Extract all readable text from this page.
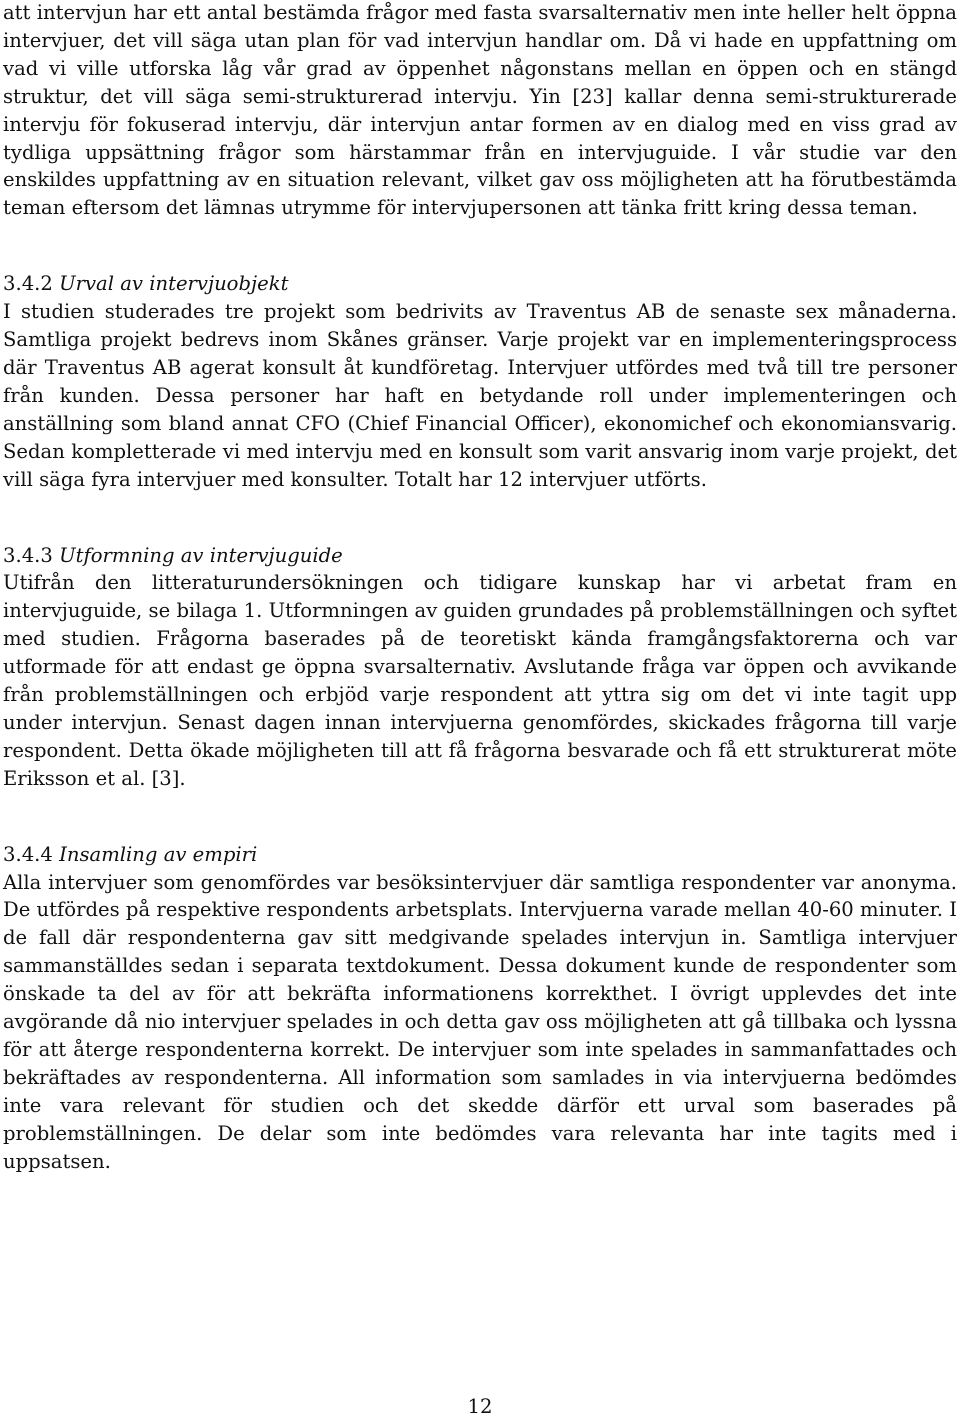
att intervjun har ett antal bestämda frågor med fasta svarsalternativ men inte heller helt öppna intervjuer, det vill säga utan plan för vad intervjun handlar om. Då vi hade en uppfattning om vad vi ville utforska låg vår grad av öppenhet någonstans mellan en öppen och en stängd struktur, det vill säga semi-strukturerad intervju. Yin [23] kallar denna semi-strukturerade intervju för fokuserad intervju, där intervjun antar formen av en dialog med en viss grad av tydliga uppsättning frågor som härstammar från en intervjuguide. I vår studie var den enskildes uppfattning av en situation relevant, vilket gav oss möjligheten att ha förutbestämda teman eftersom det lämnas utrymme för intervjupersonen att tänka fritt kring dessa teman.

3.4.2 Urval av intervjuobjekt

I studien studerades tre projekt som bedrivits av Traventus AB de senaste sex månaderna. Samtliga projekt bedrevs inom Skånes gränser. Varje projekt var en implementeringsprocess där Traventus AB agerat konsult åt kundföretag. Intervjuer utfördes med två till tre personer från kunden. Dessa personer har haft en betydande roll under implementeringen och anställning som bland annat CFO (Chief Financial Officer), ekonomichef och ekonomiansvarig. Sedan kompletterade vi med intervju med en konsult som varit ansvarig inom varje projekt, det vill säga fyra intervjuer med konsulter. Totalt har 12 intervjuer utförts.

3.4.3 Utformning av intervjuguide

Utifrån den litteraturundersökningen och tidigare kunskap har vi arbetat fram en intervjuguide, se bilaga 1. Utformningen av guiden grundades på problemställningen och syftet med studien. Frågorna baserades på de teoretiskt kända framgångsfaktorerna och var utformade för att endast ge öppna svarsalternativ. Avslutande fråga var öppen och avvikande från problemställningen och erbjöd varje respondent att yttra sig om det vi inte tagit upp under intervjun. Senast dagen innan intervjuerna genomfördes, skickades frågorna till varje respondent. Detta ökade möjligheten till att få frågorna besvarade och få ett strukturerat möte Eriksson et al. [3].

3.4.4 Insamling av empiri

Alla intervjuer som genomfördes var besöksintervjuer där samtliga respondenter var anonyma. De utfördes på respektive respondents arbetsplats. Intervjuerna varade mellan 40-60 minuter. I de fall där respondenterna gav sitt medgivande spelades intervjun in. Samtliga intervjuer sammanställdes sedan i separata textdokument. Dessa dokument kunde de respondenter som önskade ta del av för att bekräfta informationens korrekthet. I övrigt upplevdes det inte avgörande då nio intervjuer spelades in och detta gav oss möjligheten att gå tillbaka och lyssna för att återge respondenterna korrekt. De intervjuer som inte spelades in sammanfattades och bekräftades av respondenterna. All information som samlades in via intervjuerna bedömdes inte vara relevant för studien och det skedde därför ett urval som baserades på problemställningen. De delar som inte bedömdes vara relevanta har inte tagits med i uppsatsen.

12
